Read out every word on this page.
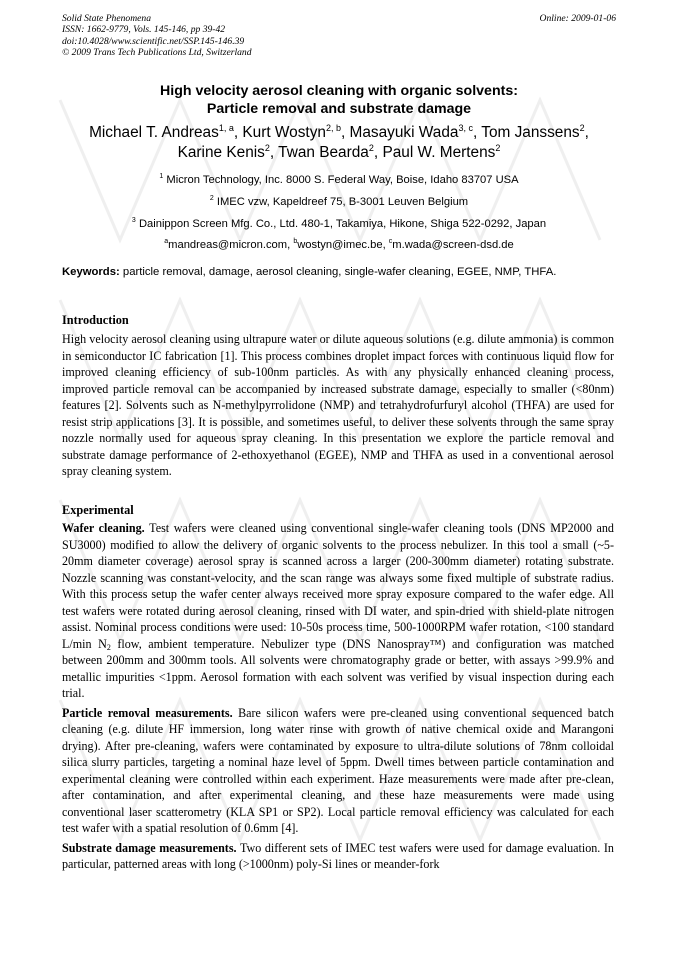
Solid State Phenomena
ISSN: 1662-9779, Vols. 145-146, pp 39-42
doi:10.4028/www.scientific.net/SSP.145-146.39
© 2009 Trans Tech Publications Ltd, Switzerland
Online: 2009-01-06
High velocity aerosol cleaning with organic solvents:
Particle removal and substrate damage
Michael T. Andreas$^{1, a}$, Kurt Wostyn$^{2, b}$, Masayuki Wada$^{3, c}$, Tom Janssens$^2$,
Karine Kenis$^2$, Twan Bearda$^2$, Paul W. Mertens$^2$
$^1$ Micron Technology, Inc. 8000 S. Federal Way, Boise, Idaho 83707 USA
$^2$ IMEC vzw, Kapeldreef 75, B-3001 Leuven Belgium
$^3$ Dainippon Screen Mfg. Co., Ltd. 480-1, Takamiya, Hikone, Shiga 522-0292, Japan
$^a$mandreas@micron.com, $^b$wostyn@imec.be, $^c$m.wada@screen-dsd.de
Keywords: particle removal, damage, aerosol cleaning, single-wafer cleaning, EGEE, NMP, THFA.
Introduction

High velocity aerosol cleaning using ultrapure water or dilute aqueous solutions (e.g. dilute ammonia) is common in semiconductor IC fabrication [1]. This process combines droplet impact forces with continuous liquid flow for improved cleaning efficiency of sub-100nm particles. As with any physically enhanced cleaning process, improved particle removal can be accompanied by increased substrate damage, especially to smaller (<80nm) features [2]. Solvents such as N-methylpyrrolidone (NMP) and tetrahydrofurfuryl alcohol (THFA) are used for resist strip applications [3]. It is possible, and sometimes useful, to deliver these solvents through the same spray nozzle normally used for aqueous spray cleaning. In this presentation we explore the particle removal and substrate damage performance of 2-ethoxyethanol (EGEE), NMP and THFA as used in a conventional aerosol spray cleaning system.

Experimental

Wafer cleaning. Test wafers were cleaned using conventional single-wafer cleaning tools (DNS MP2000 and SU3000) modified to allow the delivery of organic solvents to the process nebulizer. In this tool a small (~5-20mm diameter coverage) aerosol spray is scanned across a larger (200-300mm diameter) rotating substrate. Nozzle scanning was constant-velocity, and the scan range was always some fixed multiple of substrate radius. With this process setup the wafer center always received more spray exposure compared to the wafer edge. All test wafers were rotated during aerosol cleaning, rinsed with DI water, and spin-dried with shield-plate nitrogen assist. Nominal process conditions were used: 10-50s process time, 500-1000RPM wafer rotation, <100 standard L/min $N_2$ flow, ambient temperature. Nebulizer type (DNS Nanospray™) and configuration was matched between 200mm and 300mm tools. All solvents were chromatography grade or better, with assays >99.9% and metallic impurities <1ppm. Aerosol formation with each solvent was verified by visual inspection during each trial.

Particle removal measurements. Bare silicon wafers were pre-cleaned using conventional sequenced batch cleaning (e.g. dilute HF immersion, long water rinse with growth of native chemical oxide and Marangoni drying). After pre-cleaning, wafers were contaminated by exposure to ultra-dilute solutions of 78nm colloidal silica slurry particles, targeting a nominal haze level of 5ppm. Dwell times between particle contamination and experimental cleaning were controlled within each experiment. Haze measurements were made after pre-clean, after contamination, and after experimental cleaning, and these haze measurements were made using conventional laser scatterometry (KLA SP1 or SP2). Local particle removal efficiency was calculated for each test wafer with a spatial resolution of 0.6mm [4].

Substrate damage measurements. Two different sets of IMEC test wafers were used for damage evaluation. In particular, patterned areas with long (>1000nm) poly-Si lines or meander-fork
